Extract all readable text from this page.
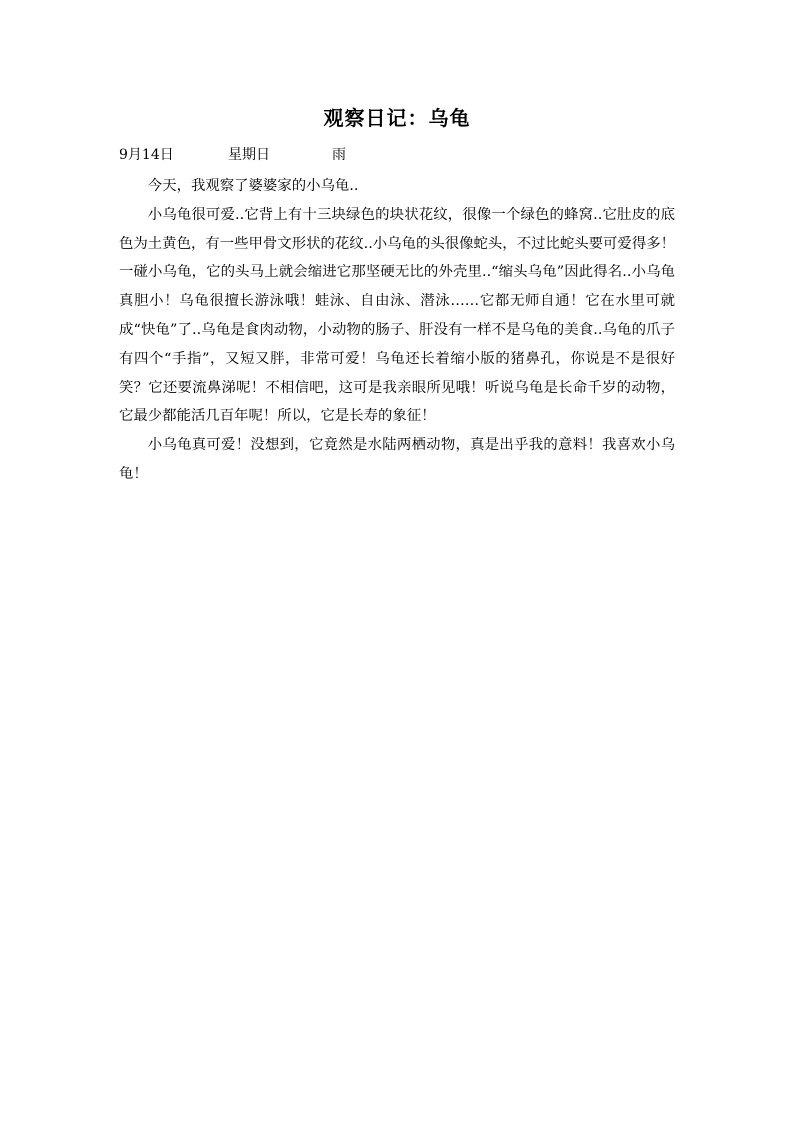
观察日记：乌龟
9月14日	星期日	雨

今天，我观察了婆婆家的小乌龟..

小乌龟很可爱..它背上有十三块绿色的块状花纹，很像一个绿色的蜂窝..它肚皮的底色为土黄色，有一些甲骨文形状的花纹..小乌龟的头很像蛇头，不过比蛇头要可爱得多！一碰小乌龟，它的头马上就会缩进它那坚硬无比的外壳里..“缩头乌龟”因此得名..小乌龟真胆小！乌龟很擅长游泳哦！蛙泳、自由泳、潜泳……它都无师自通！它在水里可就成“快龟”了..乌龟是食肉动物，小动物的肠子、肝没有一样不是乌龟的美食..乌龟的爪子有四个“手指”，又短又胖，非常可爱！乌龟还长着缩小版的猪鼻孔，你说是不是很好笑？它还要流鼻涕呢！不相信吧，这可是我亲眼所见哦！听说乌龟是长命千岁的动物，它最少都能活几百年呢！所以，它是长寿的象征！

小乌龟真可爱！没想到，它竟然是水陆两栖动物，真是出乎我的意料！我喜欢小乌龟！
